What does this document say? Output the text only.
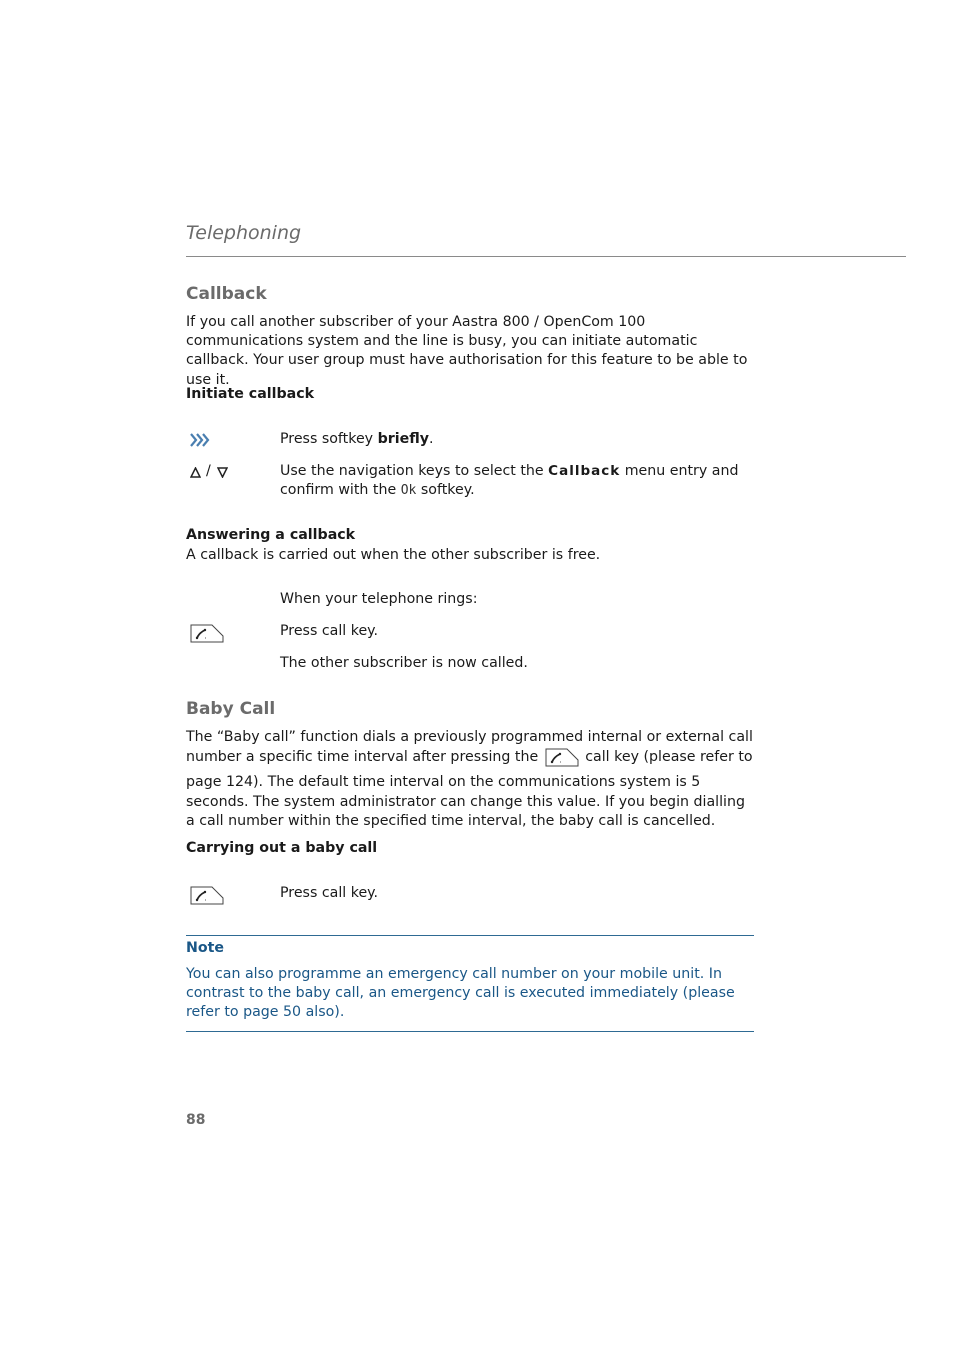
Telephoning
Callback
If you call another subscriber of your Aastra 800 / OpenCom 100 communications system and the line is busy, you can initiate automatic callback. Your user group must have authorisation for this feature to be able to use it.
Initiate callback
Press softkey briefly.
/	Use the navigation keys to select the Callback menu entry and confirm with the Ok softkey.
Answering a callback
A callback is carried out when the other subscriber is free.
When your telephone rings:
Press call key.
The other subscriber is now called.
Baby Call
The “Baby call” function dials a previously programmed internal or external call number a specific time interval after pressing the	call key (please refer to page 124). The default time interval on the communications system is 5 seconds. The system administrator can change this value. If you begin dialling a call number within the specified time interval, the baby call is cancelled.
Carrying out a baby call
Press call key.
Note
You can also programme an emergency call number on your mobile unit. In contrast to the baby call, an emergency call is executed immediately (please refer to page 50 also).
88
